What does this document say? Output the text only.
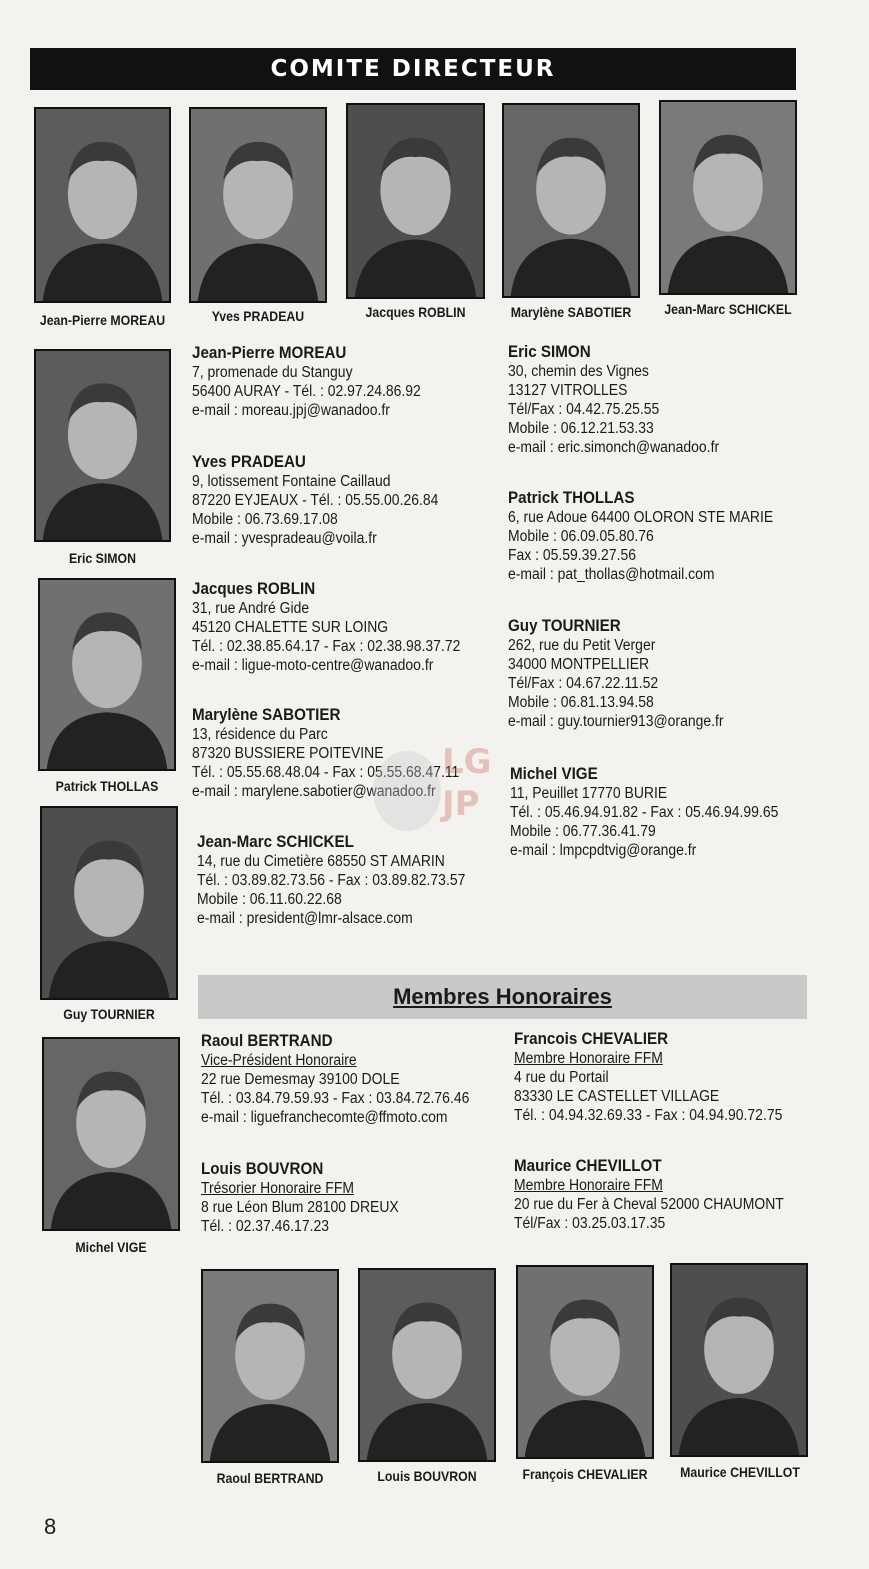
COMITE DIRECTEUR
Jean-Pierre MOREAU	Yves PRADEAU	Jacques ROBLIN	Marylène SABOTIER	Jean-Marc SCHICKEL
Eric SIMON
Patrick THOLLAS
Guy TOURNIER
Michel VIGE
Jean-Pierre MOREAU
7, promenade du Stanguy
56400 AURAY - Tél. : 02.97.24.86.92
e-mail : moreau.jpj@wanadoo.fr
Yves PRADEAU
9, lotissement Fontaine Caillaud
87220 EYJEAUX - Tél. : 05.55.00.26.84
Mobile : 06.73.69.17.08
e-mail : yvespradeau@voila.fr
Jacques ROBLIN
31, rue André Gide
45120 CHALETTE SUR LOING
Tél. : 02.38.85.64.17 - Fax : 02.38.98.37.72
e-mail : ligue-moto-centre@wanadoo.fr
Marylène SABOTIER
13, résidence du Parc
87320 BUSSIERE POITEVINE
Tél. : 05.55.68.48.04 - Fax : 05.55.68.47.11
e-mail : marylene.sabotier@wanadoo.fr
Jean-Marc SCHICKEL
14, rue du Cimetière 68550 ST AMARIN
Tél. : 03.89.82.73.56 - Fax : 03.89.82.73.57
Mobile : 06.11.60.22.68
e-mail : president@lmr-alsace.com
Eric SIMON
30, chemin des Vignes
13127 VITROLLES
Tél/Fax : 04.42.75.25.55
Mobile : 06.12.21.53.33
e-mail : eric.simonch@wanadoo.fr
Patrick THOLLAS
6, rue Adoue 64400 OLORON STE MARIE
Mobile : 06.09.05.80.76
Fax : 05.59.39.27.56
e-mail : pat_thollas@hotmail.com
Guy TOURNIER
262, rue du Petit Verger
34000 MONTPELLIER
Tél/Fax : 04.67.22.11.52
Mobile : 06.81.13.94.58
e-mail : guy.tournier913@orange.fr
Michel VIGE
11, Peuillet 17770 BURIE
Tél. : 05.46.94.91.82 - Fax : 05.46.94.99.65
Mobile : 06.77.36.41.79
e-mail : lmpcpdtvig@orange.fr
LG
JP
Membres Honoraires
Raoul BERTRAND
Vice-Président Honoraire
22 rue Demesmay 39100 DOLE
Tél. : 03.84.79.59.93 - Fax : 03.84.72.76.46
e-mail : liguefranchecomte@ffmoto.com
Louis BOUVRON
Trésorier Honoraire FFM
8 rue Léon Blum 28100 DREUX
Tél. : 02.37.46.17.23
Francois CHEVALIER
Membre Honoraire FFM
4 rue du Portail
83330 LE CASTELLET VILLAGE
Tél. : 04.94.32.69.33 - Fax : 04.94.90.72.75
Maurice CHEVILLOT
Membre Honoraire FFM
20 rue du Fer à Cheval 52000 CHAUMONT
Tél/Fax : 03.25.03.17.35
Raoul BERTRAND	Louis BOUVRON	François CHEVALIER	Maurice CHEVILLOT
8
